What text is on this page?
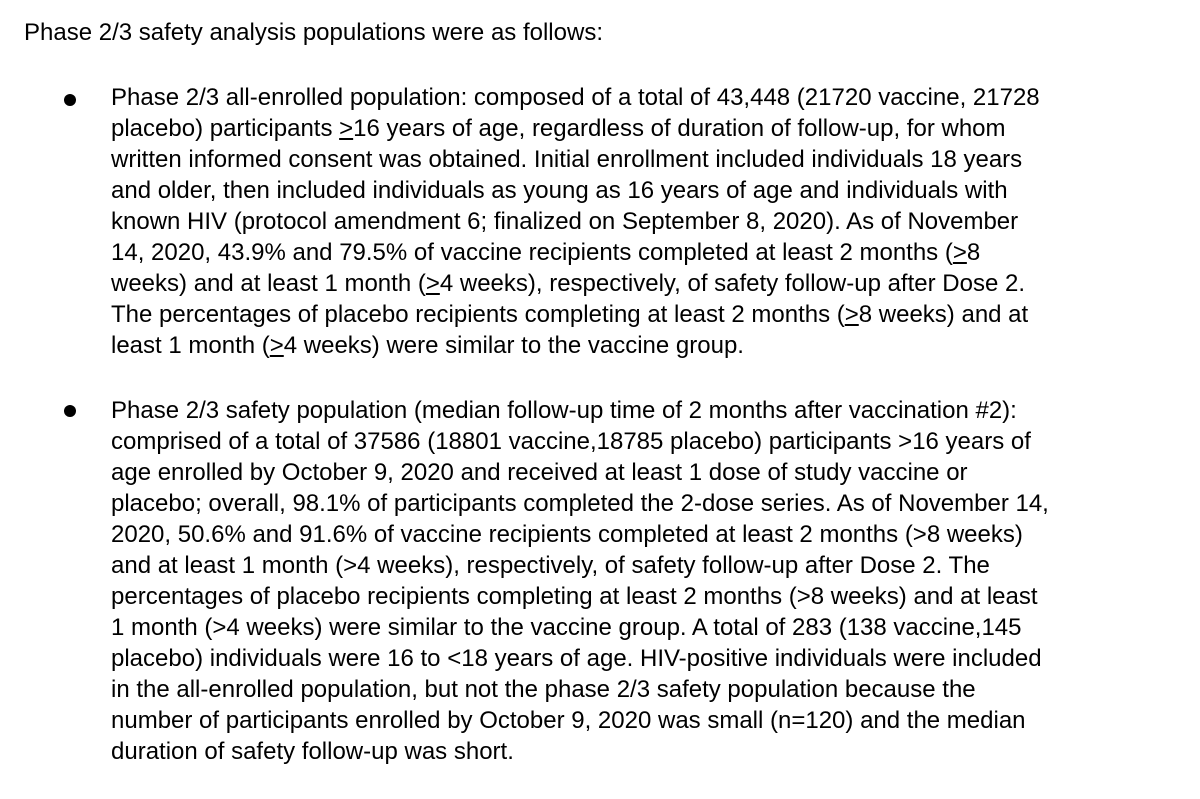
Phase 2/3 safety analysis populations were as follows:
Phase 2/3 all-enrolled population: composed of a total of 43,448 (21720 vaccine, 21728
placebo) participants >16 years of age, regardless of duration of follow-up, for whom
written informed consent was obtained. Initial enrollment included individuals 18 years
and older, then included individuals as young as 16 years of age and individuals with
known HIV (protocol amendment 6; finalized on September 8, 2020). As of November
14, 2020, 43.9% and 79.5% of vaccine recipients completed at least 2 months (>8
weeks) and at least 1 month (>4 weeks), respectively, of safety follow-up after Dose 2.
The percentages of placebo recipients completing at least 2 months (>8 weeks) and at
least 1 month (>4 weeks) were similar to the vaccine group.
Phase 2/3 safety population (median follow-up time of 2 months after vaccination #2):
comprised of a total of 37586 (18801 vaccine,18785 placebo) participants >16 years of
age enrolled by October 9, 2020 and received at least 1 dose of study vaccine or
placebo; overall, 98.1% of participants completed the 2-dose series. As of November 14,
2020, 50.6% and 91.6% of vaccine recipients completed at least 2 months (>8 weeks)
and at least 1 month (>4 weeks), respectively, of safety follow-up after Dose 2. The
percentages of placebo recipients completing at least 2 months (>8 weeks) and at least
1 month (>4 weeks) were similar to the vaccine group. A total of 283 (138 vaccine,145
placebo) individuals were 16 to <18 years of age. HIV-positive individuals were included
in the all-enrolled population, but not the phase 2/3 safety population because the
number of participants enrolled by October 9, 2020 was small (n=120) and the median
duration of safety follow-up was short.
